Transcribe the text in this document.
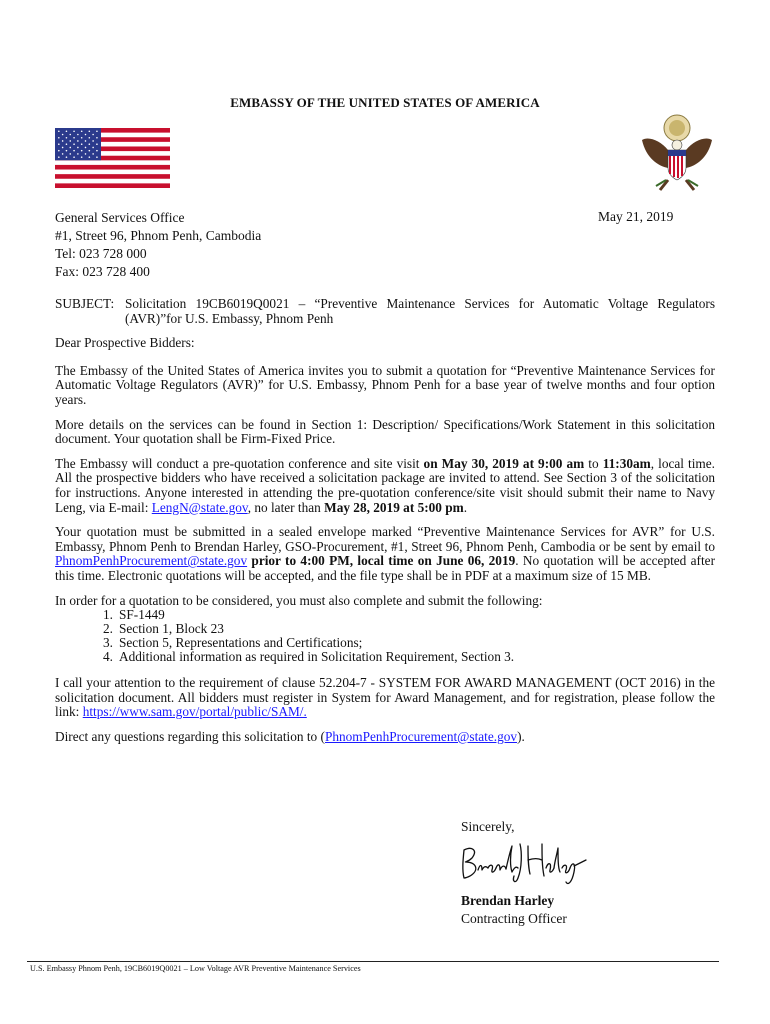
EMBASSY OF THE UNITED STATES OF AMERICA
General Services Office
#1, Street 96, Phnom Penh, Cambodia
Tel: 023 728 000
Fax: 023 728 400
May 21, 2019

SUBJECT: Solicitation 19CB6019Q0021 – “Preventive Maintenance Services for Automatic Voltage Regulators (AVR)”for U.S. Embassy, Phnom Penh

Dear Prospective Bidders:

The Embassy of the United States of America invites you to submit a quotation for “Preventive Maintenance Services for Automatic Voltage Regulators (AVR)” for U.S. Embassy, Phnom Penh for a base year of twelve months and four option years.

More details on the services can be found in Section 1: Description/ Specifications/Work Statement in this solicitation document. Your quotation shall be Firm-Fixed Price.

The Embassy will conduct a pre-quotation conference and site visit on May 30, 2019 at 9:00 am to 11:30am, local time. All the prospective bidders who have received a solicitation package are invited to attend. See Section 3 of the solicitation for instructions. Anyone interested in attending the pre-quotation conference/site visit should submit their name to Navy Leng, via E-mail: LengN@state.gov, no later than May 28, 2019 at 5:00 pm.

Your quotation must be submitted in a sealed envelope marked “Preventive Maintenance Services for AVR” for U.S. Embassy, Phnom Penh to Brendan Harley, GSO-Procurement, #1, Street 96, Phnom Penh, Cambodia or be sent by email to PhnomPenhProcurement@state.gov prior to 4:00 PM, local time on June 06, 2019. No quotation will be accepted after this time. Electronic quotations will be accepted, and the file type shall be in PDF at a maximum size of 15 MB.

In order for a quotation to be considered, you must also complete and submit the following:

1. SF-1449
2. Section 1, Block 23
3. Section 5, Representations and Certifications;
4. Additional information as required in Solicitation Requirement, Section 3.

I call your attention to the requirement of clause 52.204-7 - SYSTEM FOR AWARD MANAGEMENT (OCT 2016) in the solicitation document. All bidders must register in System for Award Management, and for registration, please follow the link: https://www.sam.gov/portal/public/SAM/.

Direct any questions regarding this solicitation to (PhnomPenhProcurement@state.gov).

Sincerely,
Brendan Harley
Contracting Officer
U.S. Embassy Phnom Penh, 19CB6019Q0021 – Low Voltage AVR Preventive Maintenance Services
